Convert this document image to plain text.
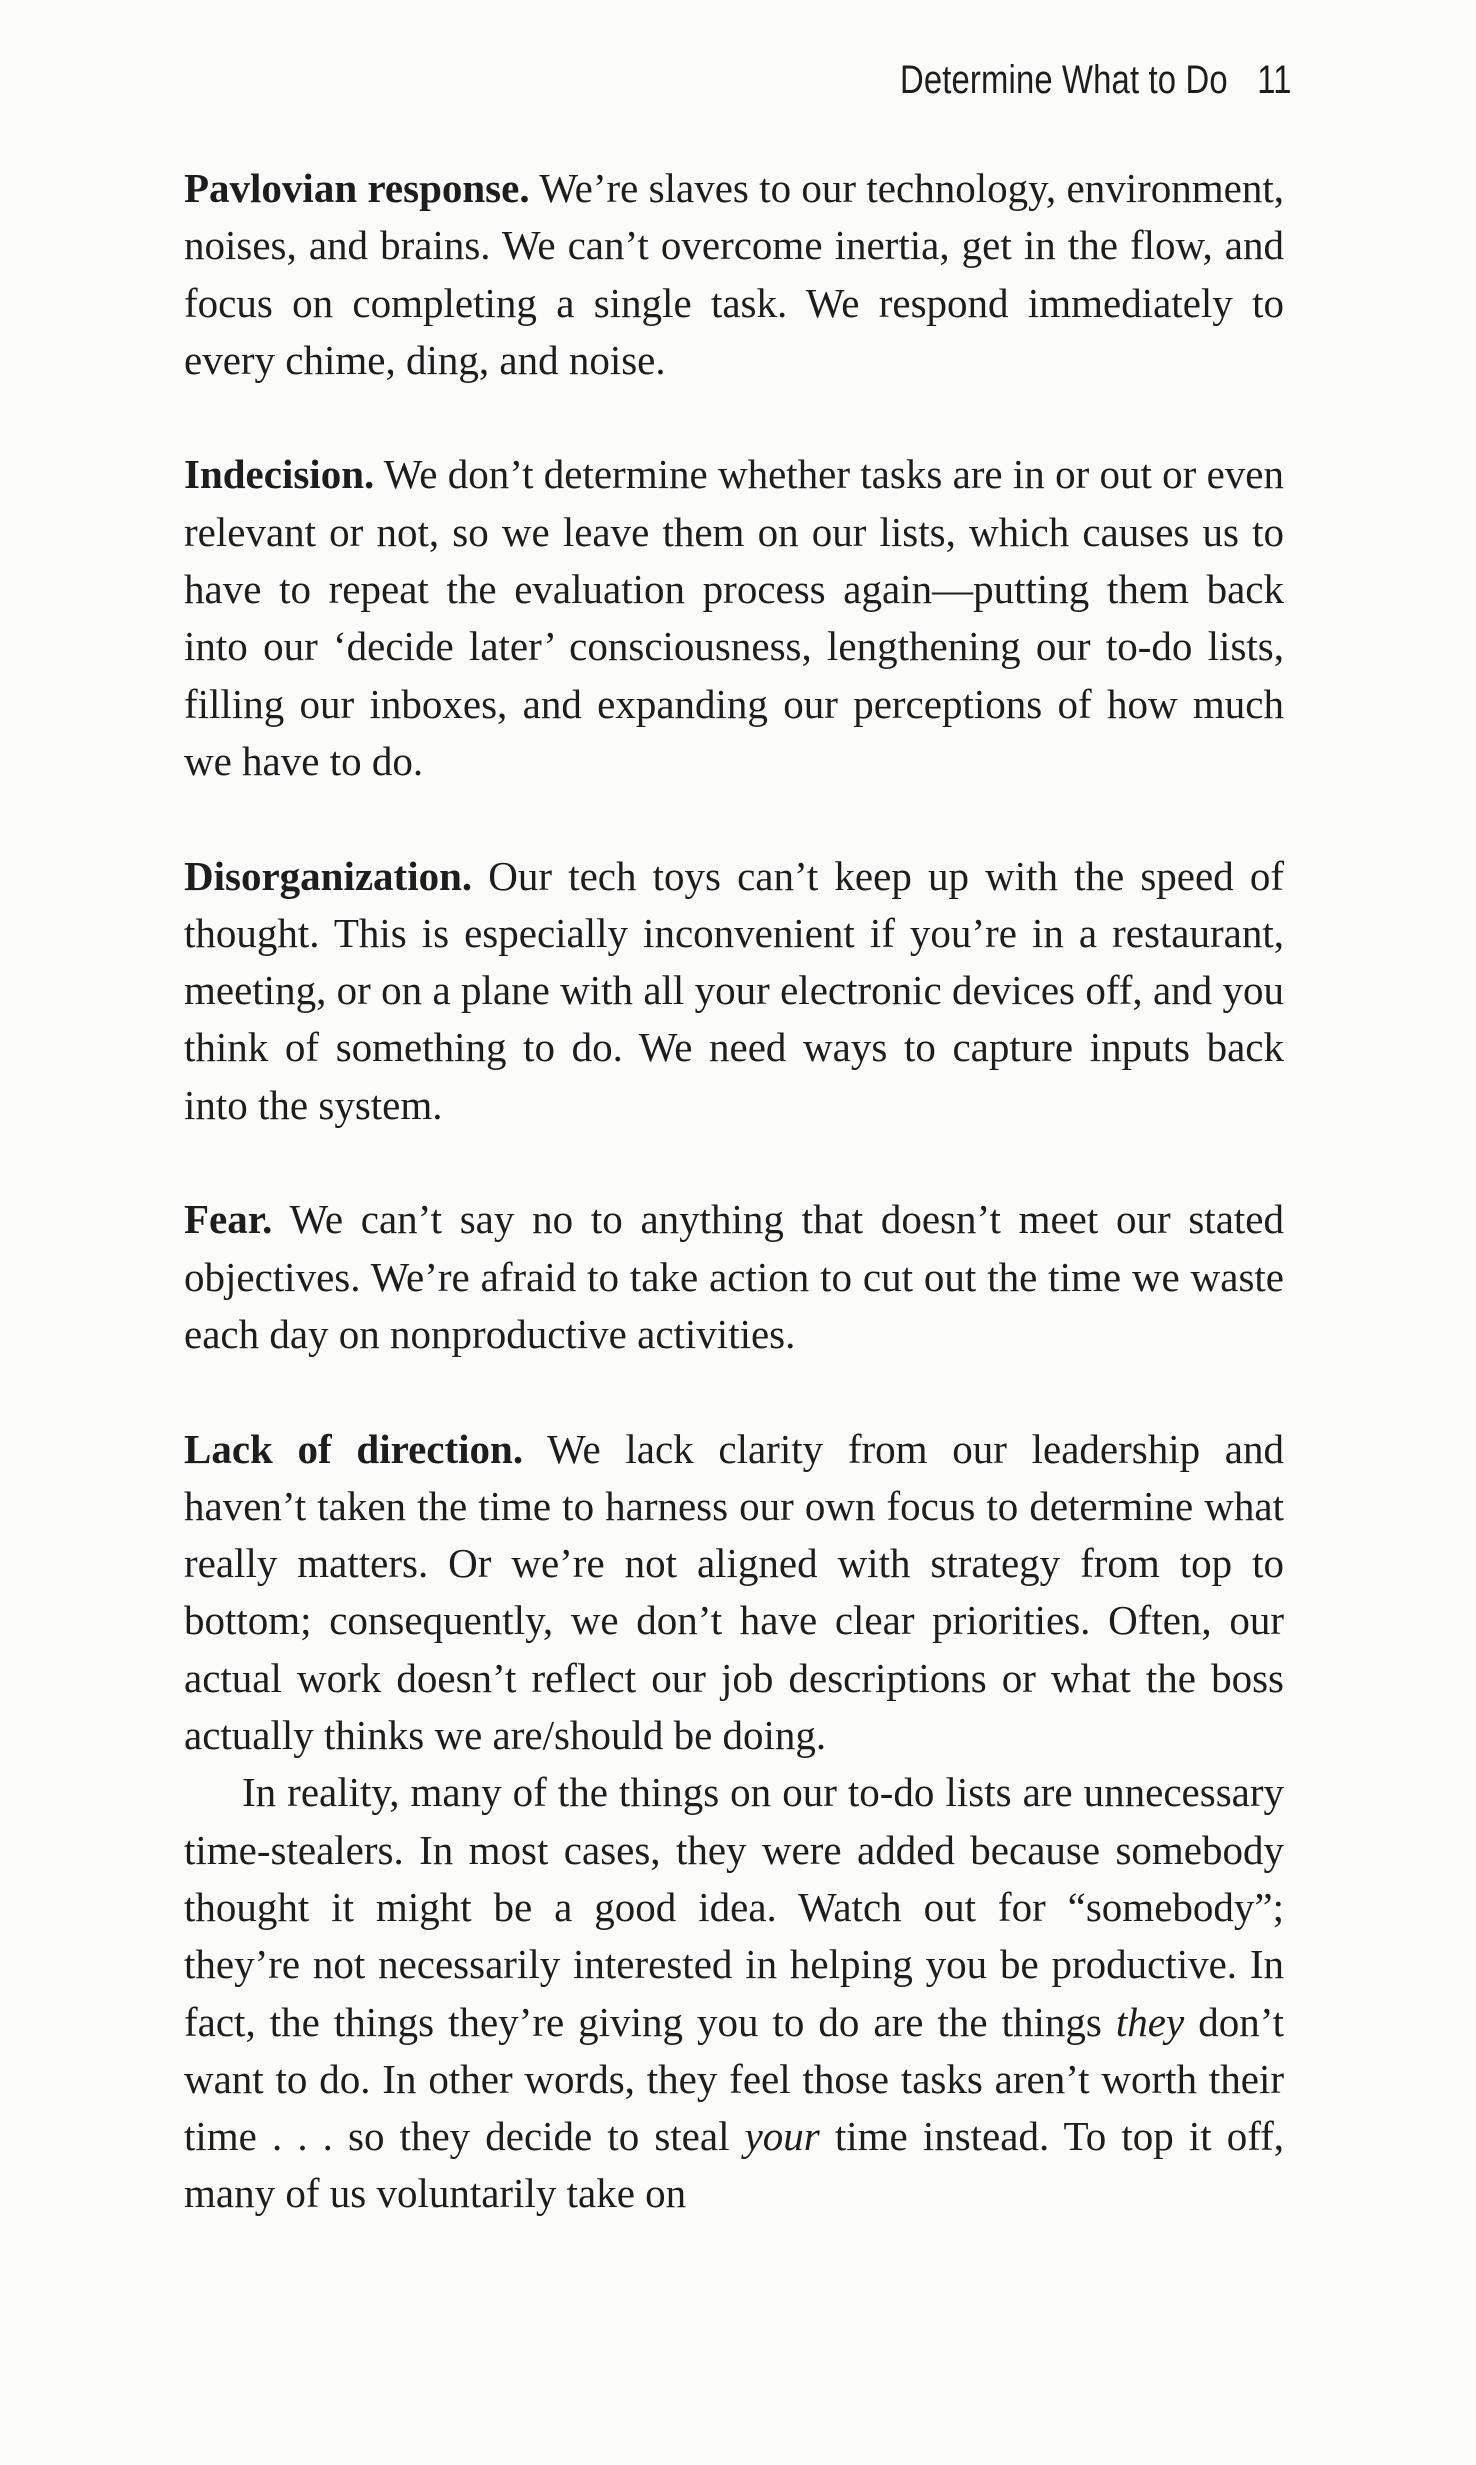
Determine What to Do 11

Pavlovian response. We’re slaves to our technology, environment, noises, and brains. We can’t overcome inertia, get in the flow, and focus on completing a single task. We respond immediately to every chime, ding, and noise.

Indecision. We don’t determine whether tasks are in or out or even relevant or not, so we leave them on our lists, which causes us to have to repeat the evaluation process again—putting them back into our ‘decide later’ consciousness, lengthening our to-do lists, filling our inboxes, and expanding our perceptions of how much we have to do.

Disorganization. Our tech toys can’t keep up with the speed of thought. This is especially inconvenient if you’re in a restaurant, meeting, or on a plane with all your electronic devices off, and you think of something to do. We need ways to capture inputs back into the system.

Fear. We can’t say no to anything that doesn’t meet our stated objectives. We’re afraid to take action to cut out the time we waste each day on nonproductive activities.

Lack of direction. We lack clarity from our leadership and haven’t taken the time to harness our own focus to determine what really matters. Or we’re not aligned with strategy from top to bottom; consequently, we don’t have clear priorities. Often, our actual work doesn’t reflect our job descriptions or what the boss actually thinks we are/should be doing.

In reality, many of the things on our to-do lists are unnecessary time-stealers. In most cases, they were added because somebody thought it might be a good idea. Watch out for “somebody”; they’re not necessarily interested in helping you be productive. In fact, the things they’re giving you to do are the things they don’t want to do. In other words, they feel those tasks aren’t worth their time . . . so they decide to steal your time instead. To top it off, many of us voluntarily take on
